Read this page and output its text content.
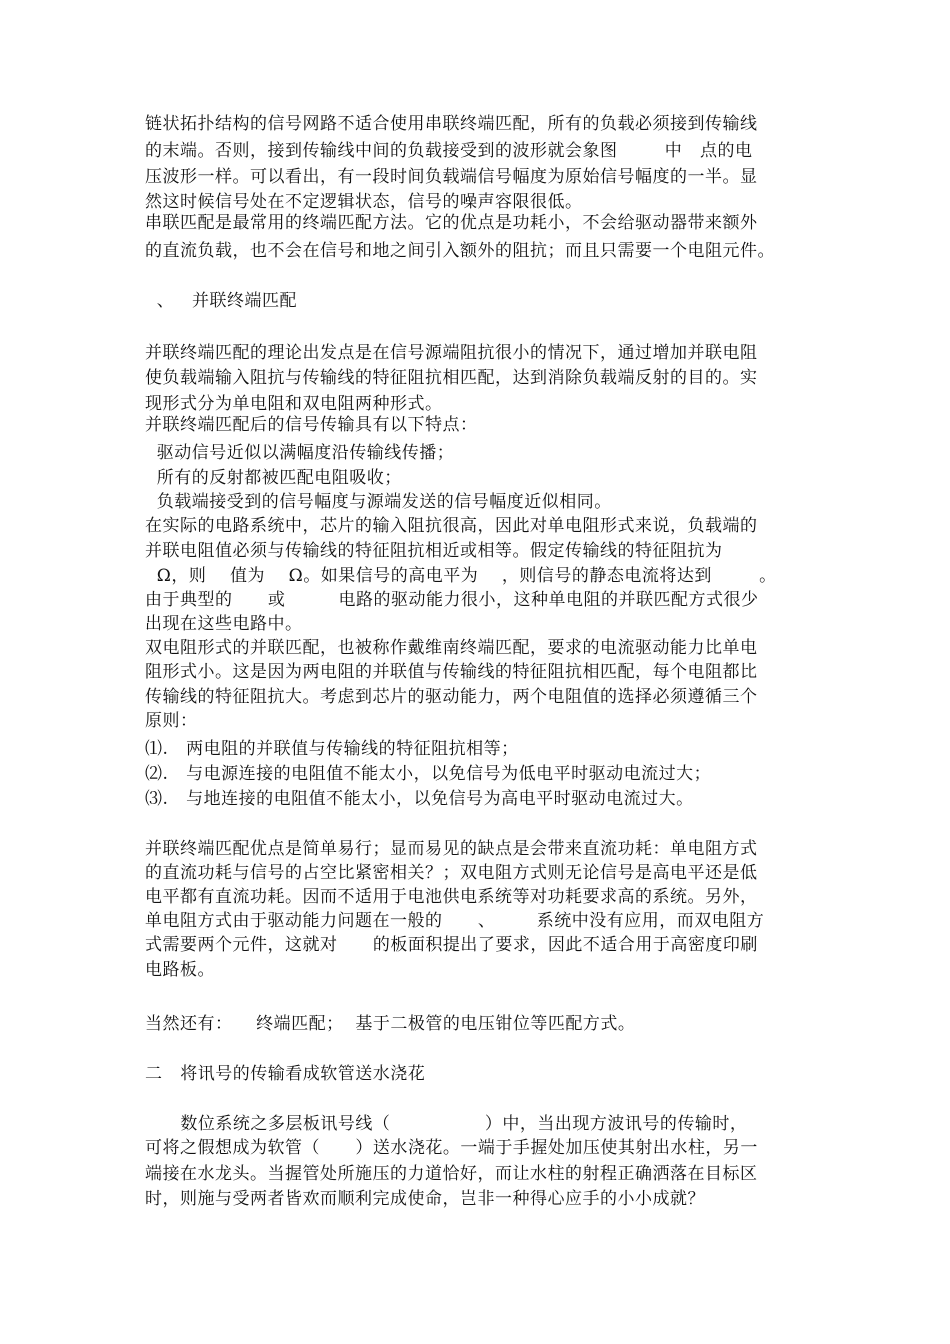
链状拓扑结构的信号网路不适合使用串联终端匹配，所有的负载必须接到传输线
的末端。否则，接到传输线中间的负载接受到的波形就会象图        中   点的电
压波形一样。可以看出，有一段时间负载端信号幅度为原始信号幅度的一半。显
然这时候信号处在不定逻辑状态，信号的噪声容限很低。
串联匹配是最常用的终端匹配方法。它的优点是功耗小，不会给驱动器带来额外
的直流负载，也不会在信号和地之间引入额外的阻抗；而且只需要一个电阻元件。
、   并联终端匹配
并联终端匹配的理论出发点是在信号源端阻抗很小的情况下，通过增加并联电阻
使负载端输入阻抗与传输线的特征阻抗相匹配，达到消除负载端反射的目的。实
现形式分为单电阻和双电阻两种形式。
并联终端匹配后的信号传输具有以下特点：
驱动信号近似以满幅度沿传输线传播；
所有的反射都被匹配电阻吸收；
负载端接受到的信号幅度与源端发送的信号幅度近似相同。
在实际的电路系统中，芯片的输入阻抗很高，因此对单电阻形式来说，负载端的
并联电阻值必须与传输线的特征阻抗相近或相等。假定传输线的特征阻抗为
Ω，则    值为    Ω。如果信号的高电平为    ，则信号的静态电流将达到        。
由于典型的      或         电路的驱动能力很小，这种单电阻的并联匹配方式很少
出现在这些电路中。
双电阻形式的并联匹配，也被称作戴维南终端匹配，要求的电流驱动能力比单电
阻形式小。这是因为两电阻的并联值与传输线的特征阻抗相匹配，每个电阻都比
传输线的特征阻抗大。考虑到芯片的驱动能力，两个电阻值的选择必须遵循三个
原则：
⑴.   两电阻的并联值与传输线的特征阻抗相等；
⑵.   与电源连接的电阻值不能太小，以免信号为低电平时驱动电流过大；
⑶.   与地连接的电阻值不能太小，以免信号为高电平时驱动电流过大。
并联终端匹配优点是简单易行；显而易见的缺点是会带来直流功耗：单电阻方式
的直流功耗与信号的占空比紧密相关？；双电阻方式则无论信号是高电平还是低
电平都有直流功耗。因而不适用于电池供电系统等对功耗要求高的系统。另外，
单电阻方式由于驱动能力问题在一般的      、       系统中没有应用，而双电阻方
式需要两个元件，这就对      的板面积提出了要求，因此不适合用于高密度印刷
电路板。
当然还有：    终端匹配；  基于二极管的电压钳位等匹配方式。
二   将讯号的传输看成软管送水浇花
数位系统之多层板讯号线（                ）中，当出现方波讯号的传输时，
可将之假想成为软管（      ）送水浇花。一端于手握处加压使其射出水柱，另一
端接在水龙头。当握管处所施压的力道恰好，而让水柱的射程正确洒落在目标区
时，则施与受两者皆欢而顺利完成使命，岂非一种得心应手的小小成就？
